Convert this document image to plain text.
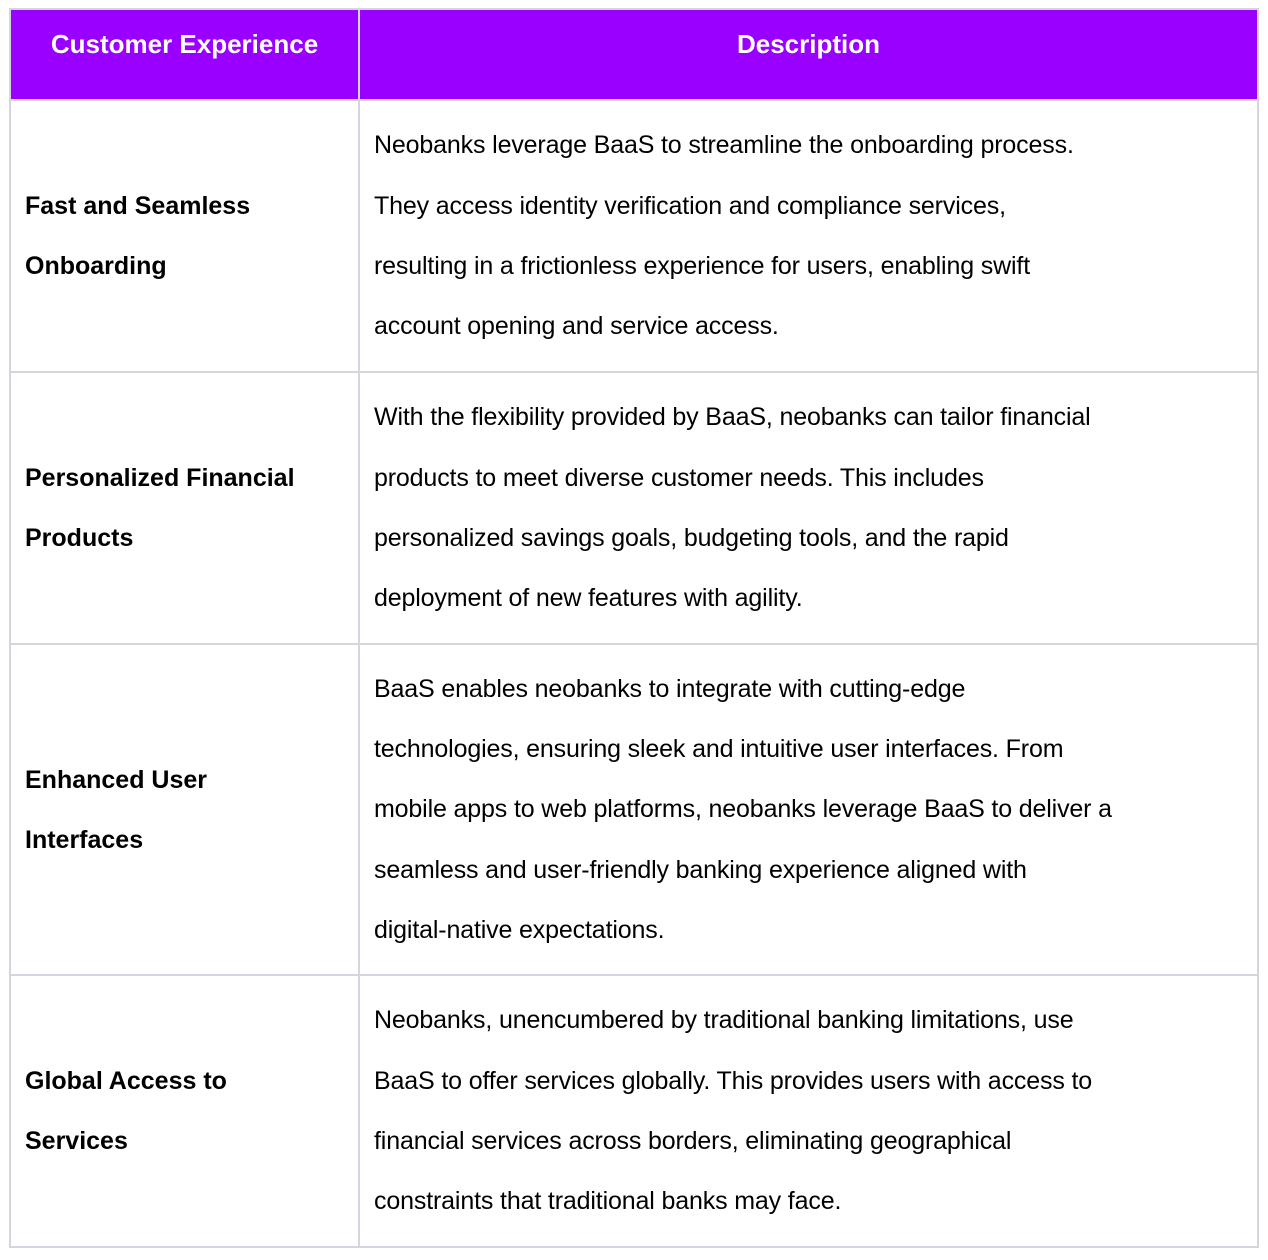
Customer Experience	Description

Fast and Seamless
Onboarding	Neobanks leverage BaaS to streamline the onboarding process.
They access identity verification and compliance services,
resulting in a frictionless experience for users, enabling swift
account opening and service access.

Personalized Financial
Products	With the flexibility provided by BaaS, neobanks can tailor financial
products to meet diverse customer needs. This includes
personalized savings goals, budgeting tools, and the rapid
deployment of new features with agility.

Enhanced User
Interfaces	BaaS enables neobanks to integrate with cutting-edge
technologies, ensuring sleek and intuitive user interfaces. From
mobile apps to web platforms, neobanks leverage BaaS to deliver a
seamless and user-friendly banking experience aligned with
digital-native expectations.

Global Access to
Services	Neobanks, unencumbered by traditional banking limitations, use
BaaS to offer services globally. This provides users with access to
financial services across borders, eliminating geographical
constraints that traditional banks may face.
